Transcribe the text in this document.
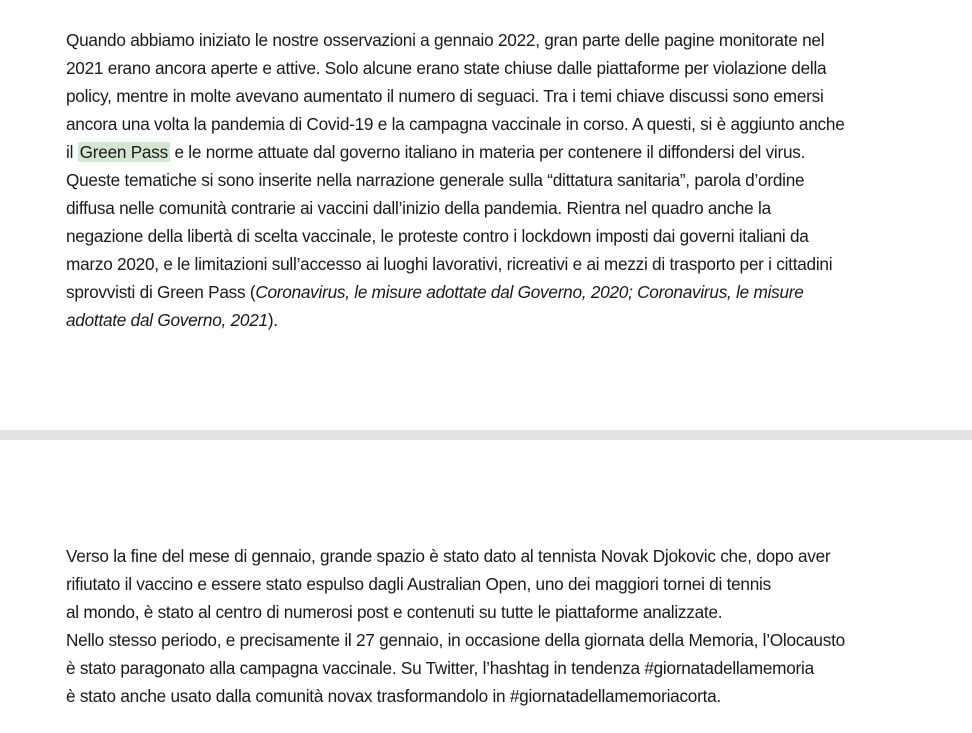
Quando abbiamo iniziato le nostre osservazioni a gennaio 2022, gran parte delle pagine monitorate nel
2021 erano ancora aperte e attive. Solo alcune erano state chiuse dalle piattaforme per violazione della
policy, mentre in molte avevano aumentato il numero di seguaci. Tra i temi chiave discussi sono emersi
ancora una volta la pandemia di Covid-19 e la campagna vaccinale in corso. A questi, si è aggiunto anche
il Green Pass e le norme attuate dal governo italiano in materia per contenere il diffondersi del virus.
Queste tematiche si sono inserite nella narrazione generale sulla “dittatura sanitaria”, parola d’ordine
diffusa nelle comunità contrarie ai vaccini dall’inizio della pandemia. Rientra nel quadro anche la
negazione della libertà di scelta vaccinale, le proteste contro i lockdown imposti dai governi italiani da
marzo 2020, e le limitazioni sull’accesso ai luoghi lavorativi, ricreativi e ai mezzi di trasporto per i cittadini
sprovvisti di Green Pass (Coronavirus, le misure adottate dal Governo, 2020; Coronavirus, le misure
adottate dal Governo, 2021).

Verso la fine del mese di gennaio, grande spazio è stato dato al tennista Novak Djokovic che, dopo aver
rifiutato il vaccino e essere stato espulso dagli Australian Open, uno dei maggiori tornei di tennis
al mondo, è stato al centro di numerosi post e contenuti su tutte le piattaforme analizzate.
Nello stesso periodo, e precisamente il 27 gennaio, in occasione della giornata della Memoria, l’Olocausto
è stato paragonato alla campagna vaccinale. Su Twitter, l’hashtag in tendenza #giornatadellamemoria
è stato anche usato dalla comunità novax trasformandolo in #giornatadellamemoriacorta.
